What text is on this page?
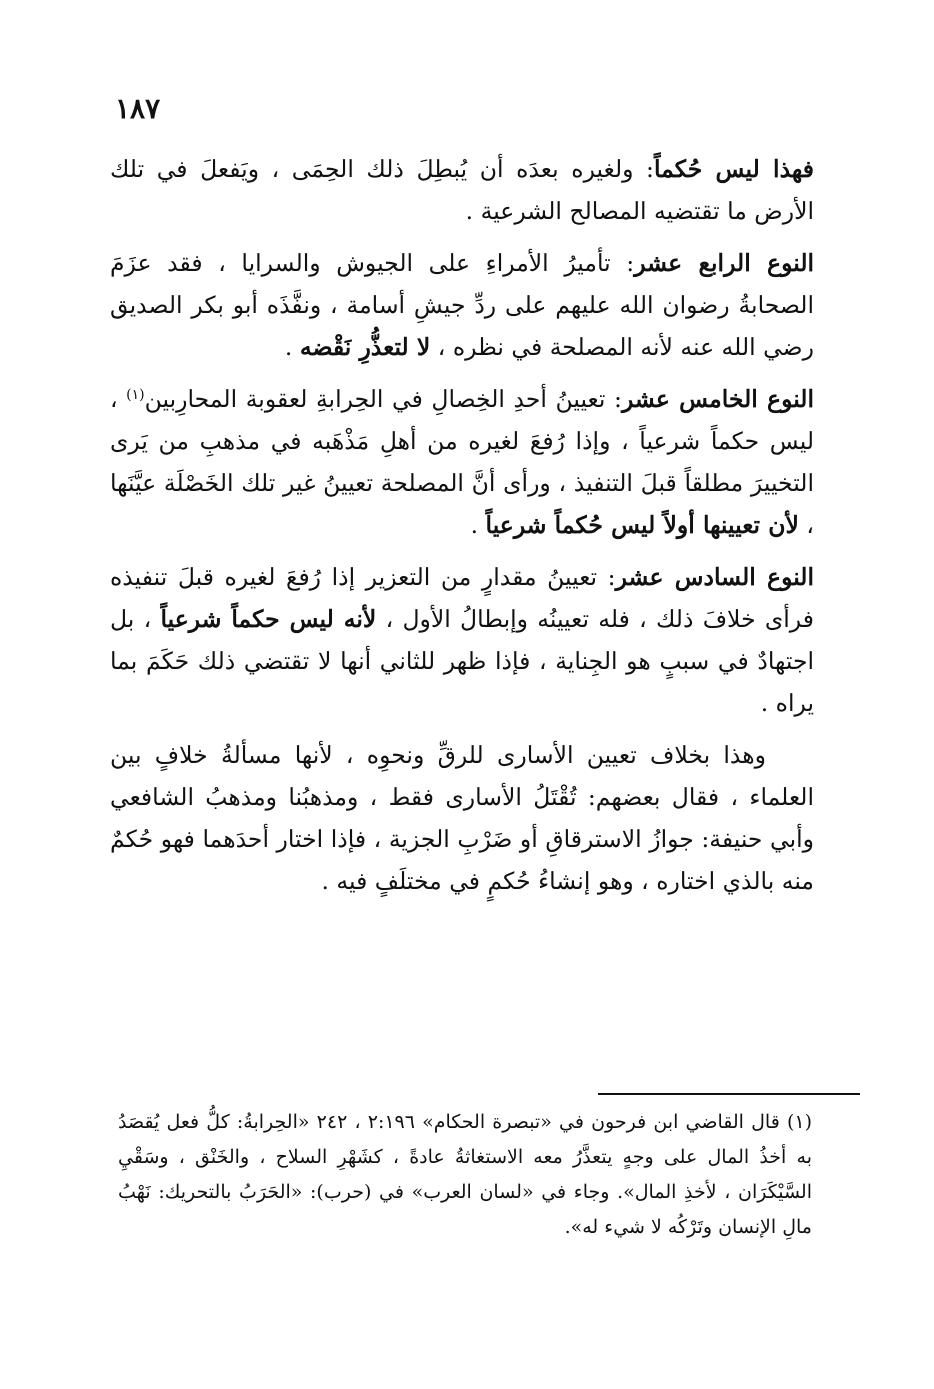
١٨٧

فهذا ليس حُكماً: ولغيره بعدَه أن يُبطِلَ ذلك الحِمَى ، ويَفعلَ في تلك الأرض ما تقتضيه المصالح الشرعية .

النوع الرابع عشر: تأميرُ الأمراءِ على الجيوش والسرايا ، فقد عزَمَ الصحابةُ رضوان الله عليهم على ردِّ جيشِ أسامة ، ونفَّذَه أبو بكر الصديق رضي الله عنه لأنه المصلحة في نظره ، لا لتعذُّرِ نَقْضه .

النوع الخامس عشر: تعيينُ أحدِ الخِصالِ في الحِرابةِ لعقوبة المحارِبين$^{(١)}$ ، ليس حكماً شرعياً ، وإذا رُفعَ لغيره من أهلِ مَذْهَبه في مذهبِ من يَرى التخييرَ مطلقاً قبلَ التنفيذ ، ورأى أنَّ المصلحة تعيينُ غير تلك الخَصْلَة عيَّنَها ، لأن تعيينها أولاً ليس حُكماً شرعياً .

النوع السادس عشر: تعيينُ مقدارٍ من التعزير إذا رُفعَ لغيره قبلَ تنفيذه فرأى خلافَ ذلك ، فله تعيينُه وإبطالُ الأول ، لأنه ليس حكماً شرعياً ، بل اجتهادٌ في سببٍ هو الجِناية ، فإذا ظهر للثاني أنها لا تقتضي ذلك حَكَمَ بما يراه .

وهذا بخلاف تعيين الأسارى للرقِّ ونحوِه ، لأنها مسألةُ خلافٍ بين العلماء ، فقال بعضهم: تُقْتَلُ الأسارى فقط ، ومذهبُنا ومذهبُ الشافعي وأبي حنيفة: جوازُ الاسترقاقِ أو ضَرْبِ الجزية ، فإذا اختار أحدَهما فهو حُكمٌ منه بالذي اختاره ، وهو إنشاءُ حُكمٍ في مختلَفٍ فيه .

(١) قال القاضي ابن فرحون في «تبصرة الحكام» ٢:١٩٦ ، ٢٤٢ «الحِرابةُ: كلُّ فعل يُقصَدُ به أخذُ المال على وجهٍ يتعذَّرُ معه الاستغاثةُ عادةً ، كشَهْرِ السلاح ، والخَنْق ، وسَقْيِ السَّيْكَرَان ، لأخذِ المال». وجاء في «لسان العرب» في (حرب): «الحَرَبُ بالتحريك: نَهْبُ مالِ الإنسان وتَرْكُه لا شيء له».
